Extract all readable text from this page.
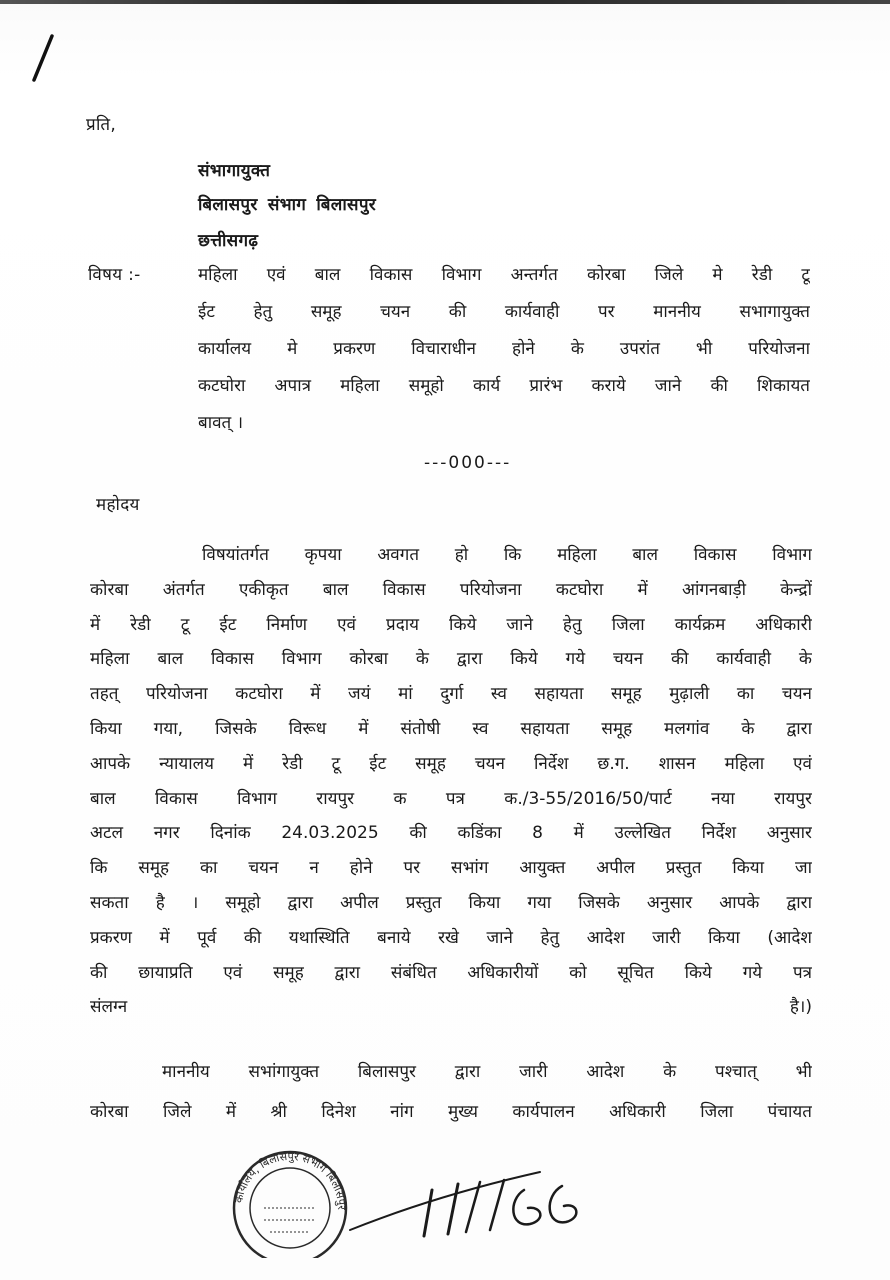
प्रति,
संभागायुक्त
बिलासपुर संभाग बिलासपुर
छत्तीसगढ़
विषय :-	महिला एवं बाल विकास विभाग अन्तर्गत कोरबा जिले मे रेडी टू
ईट हेतु समूह चयन की कार्यवाही पर माननीय सभागायुक्त
कार्यालय मे प्रकरण विचाराधीन होने के उपरांत भी परियोजना
कटघोरा अपात्र महिला समूहो कार्य प्रारंभ कराये जाने की शिकायत
बावत् ।
---000---
महोदय
विषयांतर्गत कृपया अवगत हो कि महिला बाल विकास विभाग
कोरबा अंतर्गत एकीकृत बाल विकास परियोजना कटघोरा में आंगनबाड़ी केन्द्रों
में रेडी टू ईट निर्माण एवं प्रदाय किये जाने हेतु जिला कार्यक्रम अधिकारी
महिला बाल विकास विभाग कोरबा के द्वारा किये गये चयन की कार्यवाही के
तहत् परियोजना कटघोरा में जयं मां दुर्गा स्व सहायता समूह मुढ़ाली का चयन
किया गया, जिसके विरूध में संतोषी स्व सहायता समूह मलगांव के द्वारा
आपके न्यायालय में रेडी टू ईट समूह चयन निर्देश छ.ग. शासन महिला एवं
बाल विकास विभाग रायपुर क पत्र क./3-55/2016/50/पार्ट नया रायपुर
अटल नगर दिनांक 24.03.2025 की कडिंका 8 में उल्लेखित निर्देश अनुसार
कि समूह का चयन न होने पर सभांग आयुक्त अपील प्रस्तुत किया जा
सकता है । समूहो द्वारा अपील प्रस्तुत किया गया जिसके अनुसार आपके द्वारा
प्रकरण में पूर्व की यथास्थिति बनाये रखे जाने हेतु आदेश जारी किया (आदेश
की छायाप्रति एवं समूह द्वारा संबंधित अधिकारीयों को सूचित किये गये पत्र
संलग्न है।)
माननीय सभांगायुक्त बिलासपुर द्वारा जारी आदेश के पश्चात् भी
कोरबा जिले में श्री दिनेश नांग मुख्य कार्यपालन अधिकारी जिला पंचायत
कार्यालय, बिलासपुर संभाग बिलासपुर
